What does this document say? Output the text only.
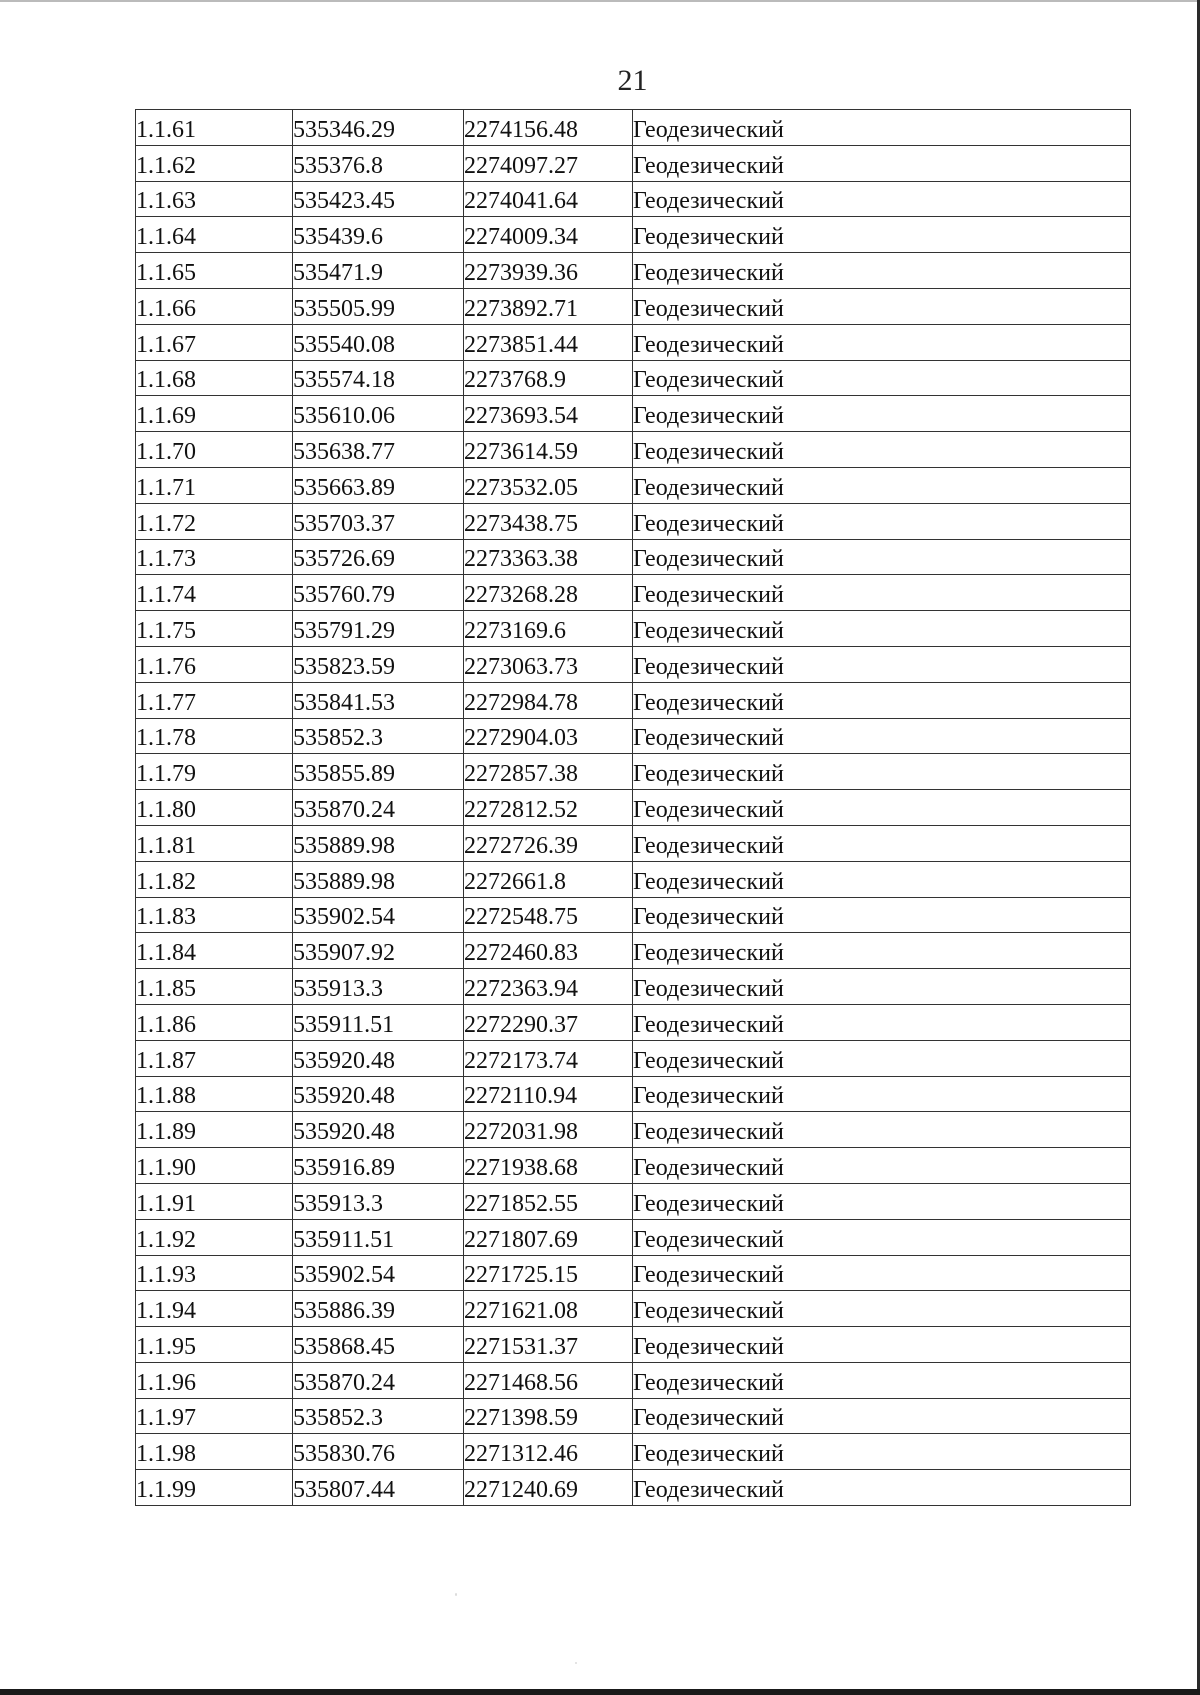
21
1.1.61	535346.29	2274156.48	Геодезический
1.1.62	535376.8	2274097.27	Геодезический
1.1.63	535423.45	2274041.64	Геодезический
1.1.64	535439.6	2274009.34	Геодезический
1.1.65	535471.9	2273939.36	Геодезический
1.1.66	535505.99	2273892.71	Геодезический
1.1.67	535540.08	2273851.44	Геодезический
1.1.68	535574.18	2273768.9	Геодезический
1.1.69	535610.06	2273693.54	Геодезический
1.1.70	535638.77	2273614.59	Геодезический
1.1.71	535663.89	2273532.05	Геодезический
1.1.72	535703.37	2273438.75	Геодезический
1.1.73	535726.69	2273363.38	Геодезический
1.1.74	535760.79	2273268.28	Геодезический
1.1.75	535791.29	2273169.6	Геодезический
1.1.76	535823.59	2273063.73	Геодезический
1.1.77	535841.53	2272984.78	Геодезический
1.1.78	535852.3	2272904.03	Геодезический
1.1.79	535855.89	2272857.38	Геодезический
1.1.80	535870.24	2272812.52	Геодезический
1.1.81	535889.98	2272726.39	Геодезический
1.1.82	535889.98	2272661.8	Геодезический
1.1.83	535902.54	2272548.75	Геодезический
1.1.84	535907.92	2272460.83	Геодезический
1.1.85	535913.3	2272363.94	Геодезический
1.1.86	535911.51	2272290.37	Геодезический
1.1.87	535920.48	2272173.74	Геодезический
1.1.88	535920.48	2272110.94	Геодезический
1.1.89	535920.48	2272031.98	Геодезический
1.1.90	535916.89	2271938.68	Геодезический
1.1.91	535913.3	2271852.55	Геодезический
1.1.92	535911.51	2271807.69	Геодезический
1.1.93	535902.54	2271725.15	Геодезический
1.1.94	535886.39	2271621.08	Геодезический
1.1.95	535868.45	2271531.37	Геодезический
1.1.96	535870.24	2271468.56	Геодезический
1.1.97	535852.3	2271398.59	Геодезический
1.1.98	535830.76	2271312.46	Геодезический
1.1.99	535807.44	2271240.69	Геодезический
